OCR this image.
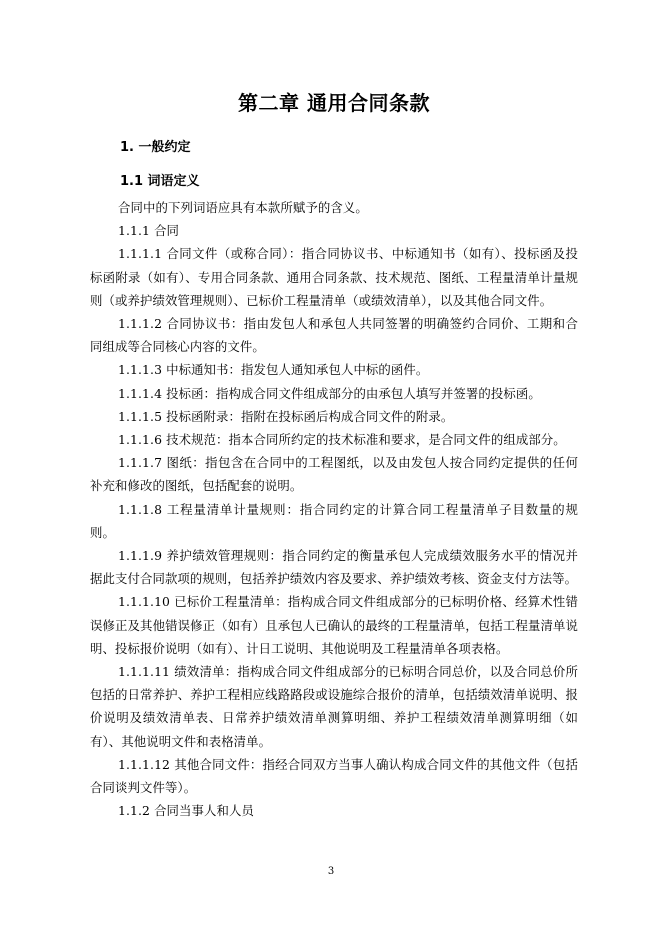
第二章 通用合同条款
1. 一般约定
1.1 词语定义

合同中的下列词语应具有本款所赋予的含义。

1.1.1 合同

1.1.1.1 合同文件（或称合同）：指合同协议书、中标通知书（如有）、投标函及投标函附录（如有）、专用合同条款、通用合同条款、技术规范、图纸、工程量清单计量规则（或养护绩效管理规则）、已标价工程量清单（或绩效清单），以及其他合同文件。

1.1.1.2 合同协议书：指由发包人和承包人共同签署的明确签约合同价、工期和合同组成等合同核心内容的文件。

1.1.1.3 中标通知书：指发包人通知承包人中标的函件。

1.1.1.4 投标函：指构成合同文件组成部分的由承包人填写并签署的投标函。

1.1.1.5 投标函附录：指附在投标函后构成合同文件的附录。

1.1.1.6 技术规范：指本合同所约定的技术标准和要求，是合同文件的组成部分。

1.1.1.7 图纸：指包含在合同中的工程图纸，以及由发包人按合同约定提供的任何补充和修改的图纸，包括配套的说明。

1.1.1.8 工程量清单计量规则：指合同约定的计算合同工程量清单子目数量的规则。

1.1.1.9 养护绩效管理规则：指合同约定的衡量承包人完成绩效服务水平的情况并据此支付合同款项的规则，包括养护绩效内容及要求、养护绩效考核、资金支付方法等。

1.1.1.10 已标价工程量清单：指构成合同文件组成部分的已标明价格、经算术性错误修正及其他错误修正（如有）且承包人已确认的最终的工程量清单，包括工程量清单说明、投标报价说明（如有）、计日工说明、其他说明及工程量清单各项表格。

1.1.1.11 绩效清单：指构成合同文件组成部分的已标明合同总价，以及合同总价所包括的日常养护、养护工程相应线路路段或设施综合报价的清单，包括绩效清单说明、报价说明及绩效清单表、日常养护绩效清单测算明细、养护工程绩效清单测算明细（如有）、其他说明文件和表格清单。

1.1.1.12 其他合同文件：指经合同双方当事人确认构成合同文件的其他文件（包括合同谈判文件等）。

1.1.2 合同当事人和人员

3
